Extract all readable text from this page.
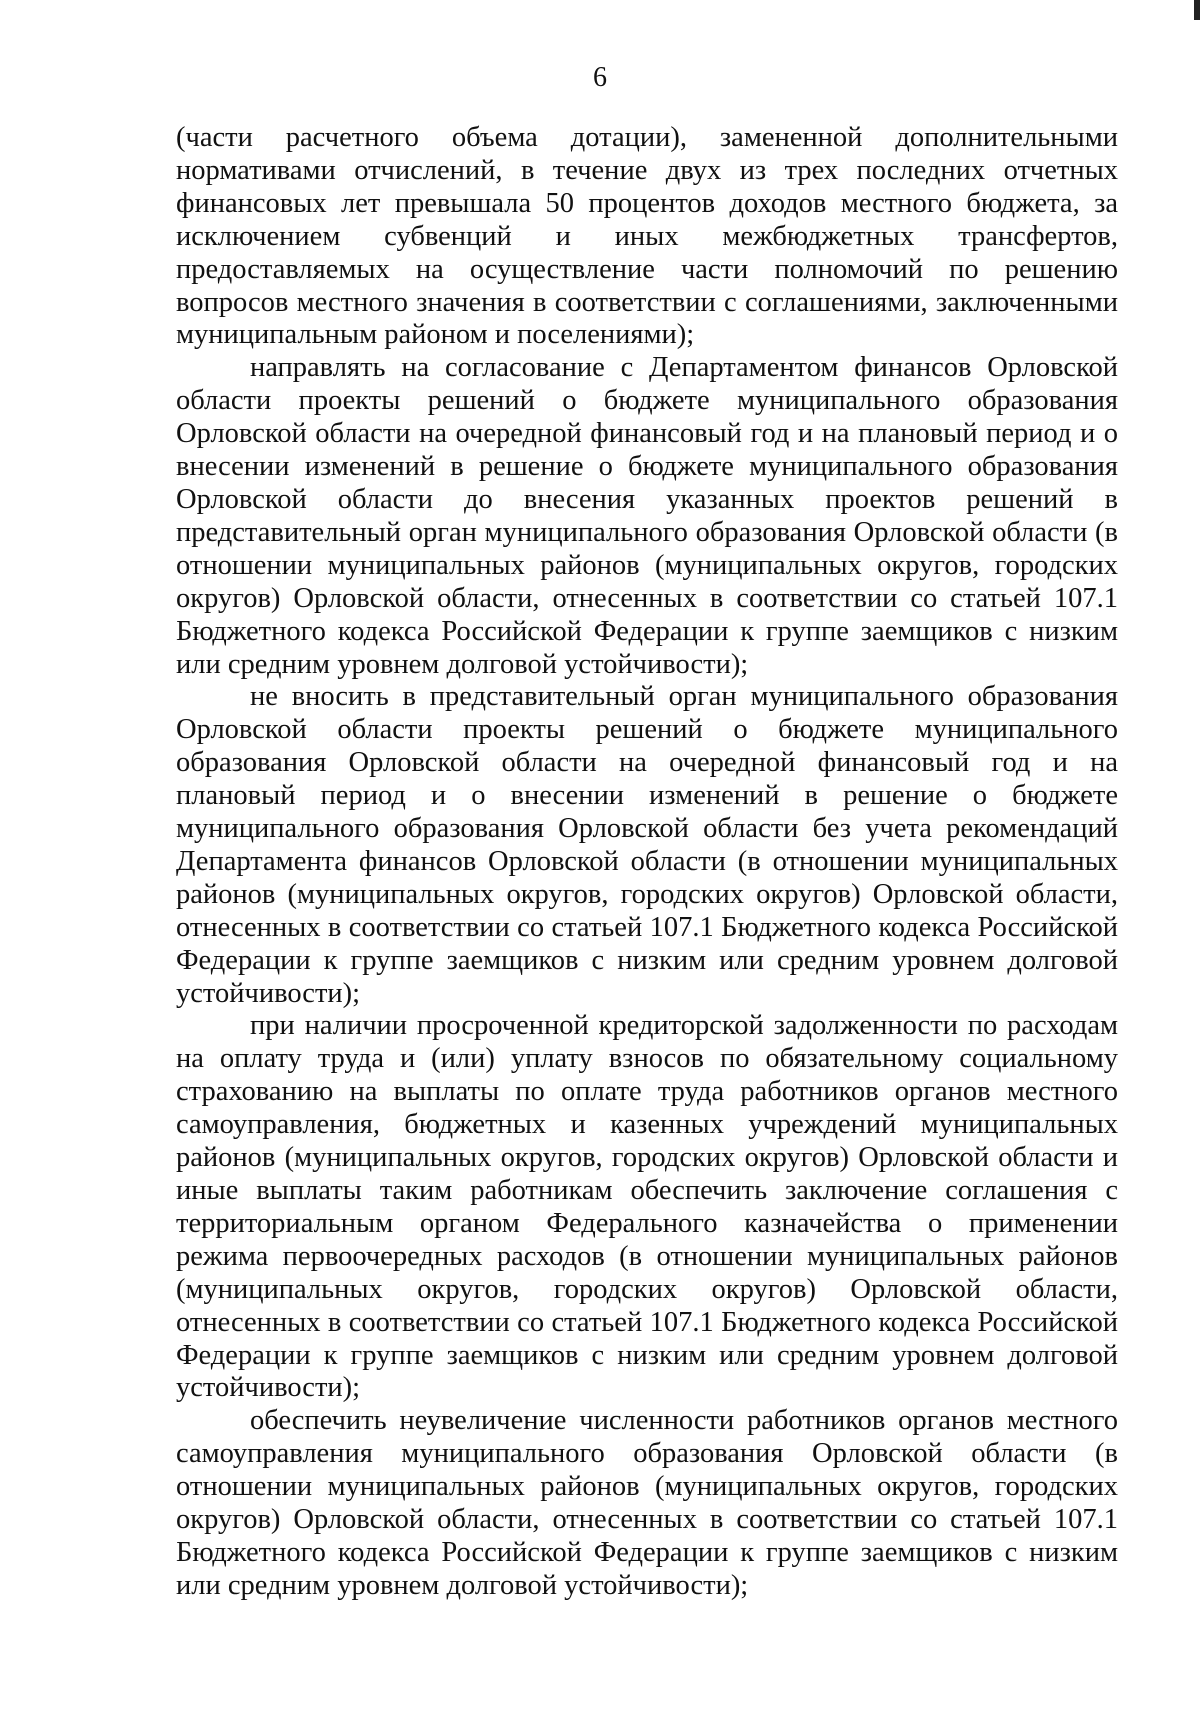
6

(части расчетного объема дотации), замененной дополнительными нормативами отчислений, в течение двух из трех последних отчетных финансовых лет превышала 50 процентов доходов местного бюджета, за исключением субвенций и иных межбюджетных трансфертов, предоставляемых на осуществление части полномочий по решению вопросов местного значения в соответствии с соглашениями, заключенными муниципальным районом и поселениями);

направлять на согласование с Департаментом финансов Орловской области проекты решений о бюджете муниципального образования Орловской области на очередной финансовый год и на плановый период и о внесении изменений в решение о бюджете муниципального образования Орловской области до внесения указанных проектов решений в представительный орган муниципального образования Орловской области (в отношении муниципальных районов (муниципальных округов, городских округов) Орловской области, отнесенных в соответствии со статьей 107.1 Бюджетного кодекса Российской Федерации к группе заемщиков с низким или средним уровнем долговой устойчивости);

не вносить в представительный орган муниципального образования Орловской области проекты решений о бюджете муниципального образования Орловской области на очередной финансовый год и на плановый период и о внесении изменений в решение о бюджете муниципального образования Орловской области без учета рекомендаций Департамента финансов Орловской области (в отношении муниципальных районов (муниципальных округов, городских округов) Орловской области, отнесенных в соответствии со статьей 107.1 Бюджетного кодекса Российской Федерации к группе заемщиков с низким или средним уровнем долговой устойчивости);

при наличии просроченной кредиторской задолженности по расходам на оплату труда и (или) уплату взносов по обязательному социальному страхованию на выплаты по оплате труда работников органов местного самоуправления, бюджетных и казенных учреждений муниципальных районов (муниципальных округов, городских округов) Орловской области и иные выплаты таким работникам обеспечить заключение соглашения с территориальным органом Федерального казначейства о применении режима первоочередных расходов (в отношении муниципальных районов (муниципальных округов, городских округов) Орловской области, отнесенных в соответствии со статьей 107.1 Бюджетного кодекса Российской Федерации к группе заемщиков с низким или средним уровнем долговой устойчивости);

обеспечить неувеличение численности работников органов местного самоуправления муниципального образования Орловской области (в отношении муниципальных районов (муниципальных округов, городских округов) Орловской области, отнесенных в соответствии со статьей 107.1 Бюджетного кодекса Российской Федерации к группе заемщиков с низким или средним уровнем долговой устойчивости);
